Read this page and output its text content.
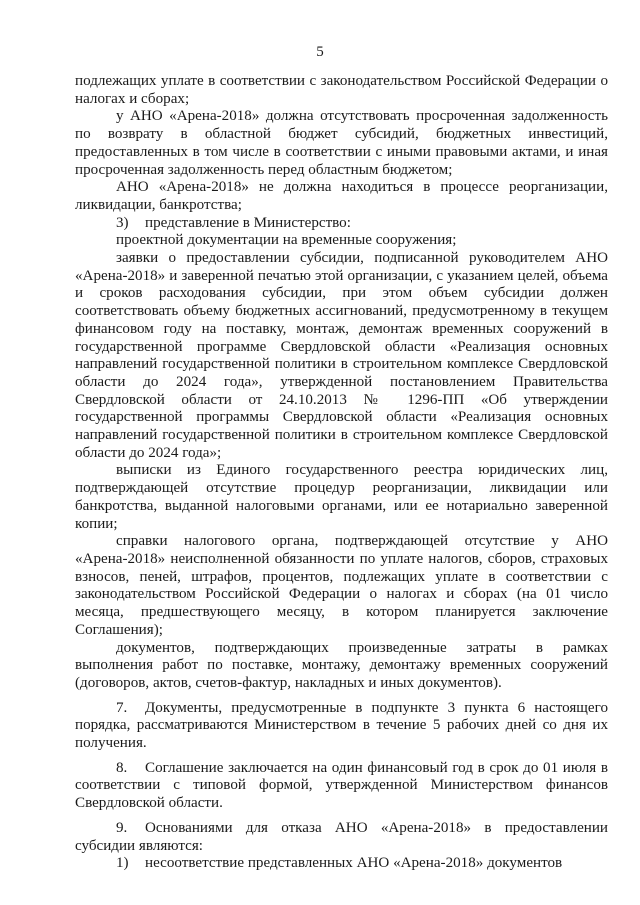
5

подлежащих уплате в соответствии с законодательством Российской Федерации о налогах и сборах;

у АНО «Арена-2018» должна отсутствовать просроченная задолженность по возврату в областной бюджет субсидий, бюджетных инвестиций, предоставленных в том числе в соответствии с иными правовыми актами, и иная просроченная задолженность перед областным бюджетом;

АНО «Арена-2018» не должна находиться в процессе реорганизации, ликвидации, банкротства;

3) представление в Министерство:

проектной документации на временные сооружения;

заявки о предоставлении субсидии, подписанной руководителем АНО «Арена-2018» и заверенной печатью этой организации, с указанием целей, объема и сроков расходования субсидии, при этом объем субсидии должен соответствовать объему бюджетных ассигнований, предусмотренному в текущем финансовом году на поставку, монтаж, демонтаж временных сооружений в государственной программе Свердловской области «Реализация основных направлений государственной политики в строительном комплексе Свердловской области до 2024 года», утвержденной постановлением Правительства Свердловской области от 24.10.2013 № 1296-ПП «Об утверждении государственной программы Свердловской области «Реализация основных направлений государственной политики в строительном комплексе Свердловской области до 2024 года»;

выписки из Единого государственного реестра юридических лиц, подтверждающей отсутствие процедур реорганизации, ликвидации или банкротства, выданной налоговыми органами, или ее нотариально заверенной копии;

справки налогового органа, подтверждающей отсутствие у АНО «Арена-2018» неисполненной обязанности по уплате налогов, сборов, страховых взносов, пеней, штрафов, процентов, подлежащих уплате в соответствии с законодательством Российской Федерации о налогах и сборах (на 01 число месяца, предшествующего месяцу, в котором планируется заключение Соглашения);

документов, подтверждающих произведенные затраты в рамках выполнения работ по поставке, монтажу, демонтажу временных сооружений (договоров, актов, счетов-фактур, накладных и иных документов).

7. Документы, предусмотренные в подпункте 3 пункта 6 настоящего порядка, рассматриваются Министерством в течение 5 рабочих дней со дня их получения.

8. Соглашение заключается на один финансовый год в срок до 01 июля в соответствии с типовой формой, утвержденной Министерством финансов Свердловской области.

9. Основаниями для отказа АНО «Арена-2018» в предоставлении субсидии являются:

1) несоответствие представленных АНО «Арена-2018» документов
